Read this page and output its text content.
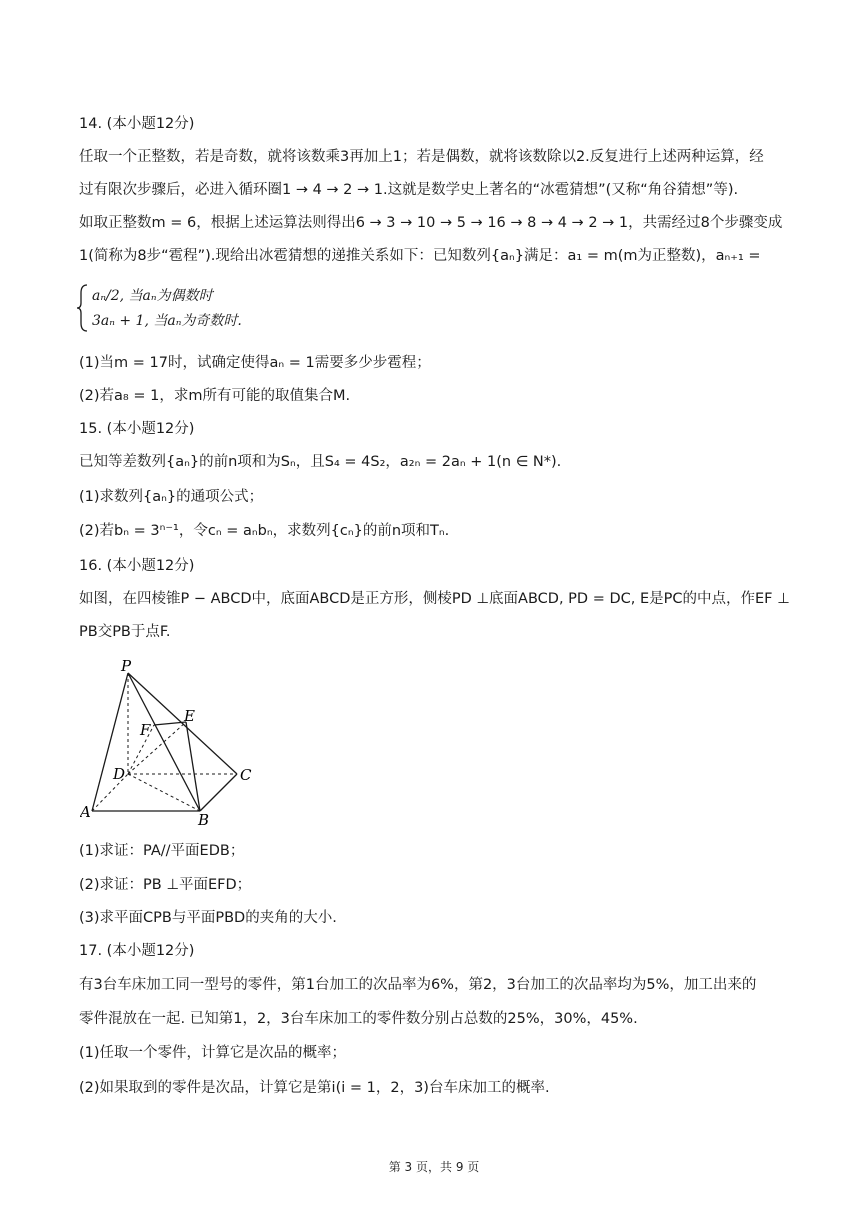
14. (本小题12分)
任取一个正整数，若是奇数，就将该数乘3再加上1；若是偶数，就将该数除以2.反复进行上述两种运算，经
过有限次步骤后，必进入循环圈1 → 4 → 2 → 1.这就是数学史上著名的“冰雹猜想”(又称“角谷猜想”等).
如取正整数m = 6，根据上述运算法则得出6 → 3 → 10 → 5 → 16 → 8 → 4 → 2 → 1，共需经过8个步骤变成
1(简称为8步“雹程”).现给出冰雹猜想的递推关系如下：已知数列{aₙ}满足：a₁ = m(m为正整数)，aₙ₊₁ =
aₙ/2, 当aₙ为偶数时
3aₙ + 1, 当aₙ为奇数时.
(1)当m = 17时，试确定使得aₙ = 1需要多少步雹程；
(2)若a₈ = 1，求m所有可能的取值集合M.
15. (本小题12分)
已知等差数列{aₙ}的前n项和为Sₙ，且S₄ = 4S₂，a₂ₙ = 2aₙ + 1(n ∈ N*).
(1)求数列{aₙ}的通项公式；
(2)若bₙ = 3ⁿ⁻¹，令cₙ = aₙbₙ，求数列{cₙ}的前n项和Tₙ.
16. (本小题12分)
如图，在四棱锥P − ABCD中，底面ABCD是正方形，侧棱PD ⊥底面ABCD, PD = DC, E是PC的中点，作EF ⊥
PB交PB于点F.
P
E
F
D	C
A	B
(1)求证：PA//平面EDB；
(2)求证：PB ⊥平面EFD；
(3)求平面CPB与平面PBD的夹角的大小.
17. (本小题12分)
有3台车床加工同一型号的零件，第1台加工的次品率为6%，第2，3台加工的次品率均为5%，加工出来的
零件混放在一起. 已知第1，2，3台车床加工的零件数分别占总数的25%，30%，45%.
(1)任取一个零件，计算它是次品的概率；
(2)如果取到的零件是次品，计算它是第i(i = 1，2，3)台车床加工的概率.
第 3 页，共 9 页
